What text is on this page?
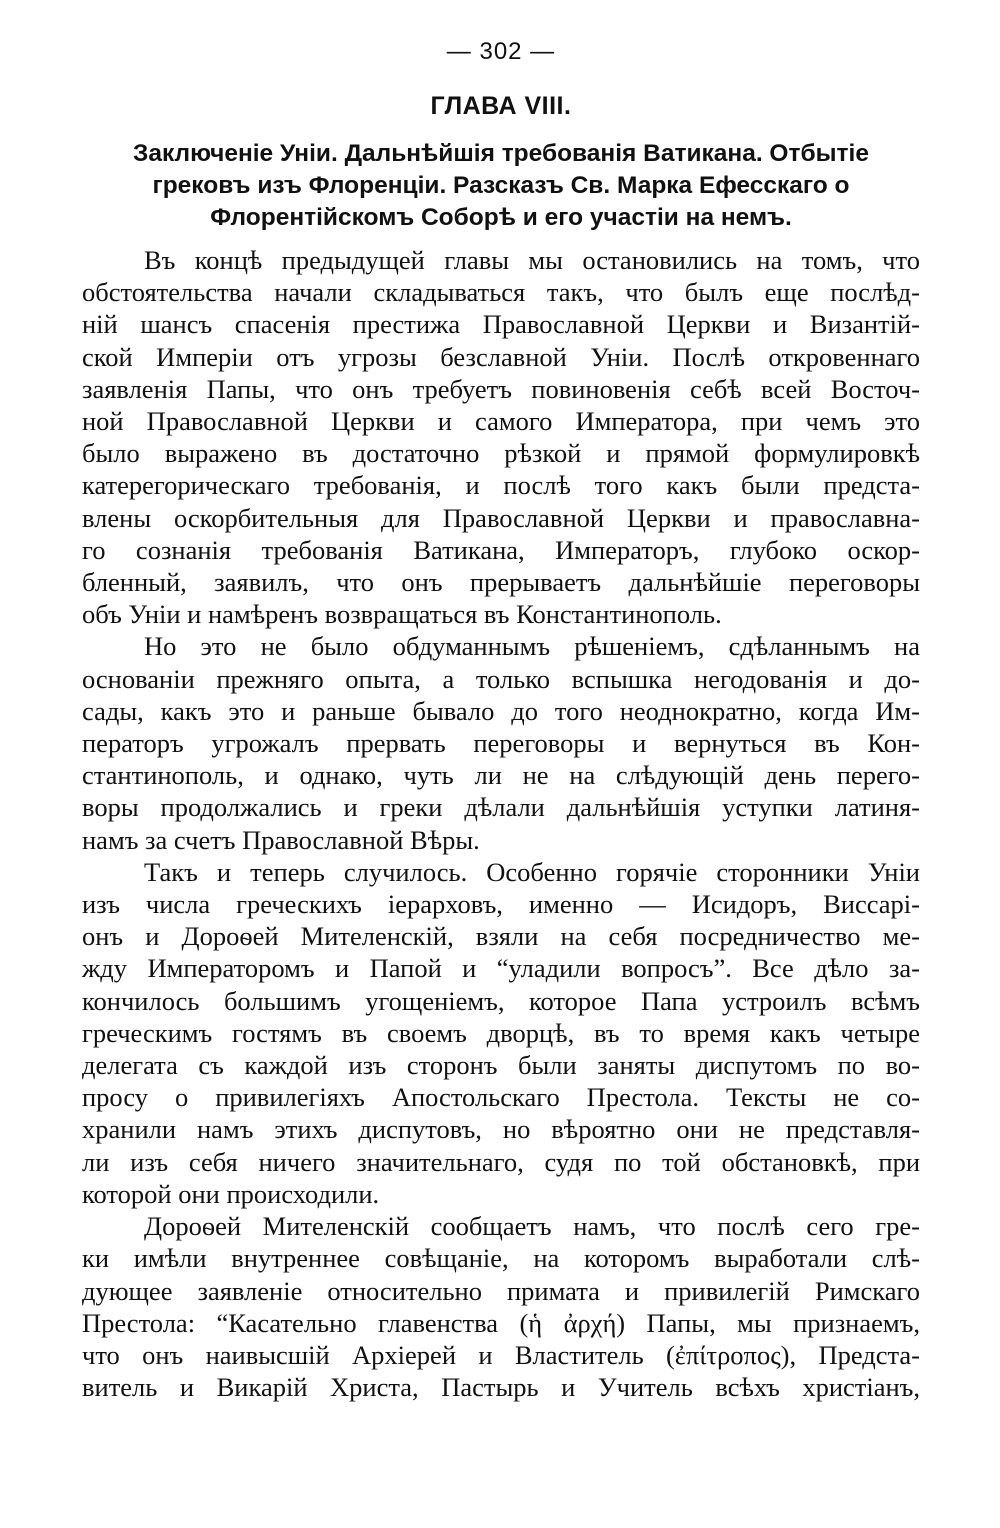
— 302 —
ГЛАВА VIII.
Заключеніе Уніи. Дальнѣйшія требованія Ватикана. Отбытіе
грековъ изъ Флоренціи. Разсказъ Св. Марка Ефесскаго о
Флорентійскомъ Соборѣ и его участіи на немъ.
Въ концѣ предыдущей главы мы остановились на томъ, что
обстоятельства начали складываться такъ, что былъ еще послѣд-
ній шансъ спасенія престижа Православной Церкви и Византій-
ской Имперіи отъ угрозы безславной Уніи. Послѣ откровеннаго
заявленія Папы, что онъ требуетъ повиновенія себѣ всей Восточ-
ной Православной Церкви и самого Императора, при чемъ это
было выражено въ достаточно рѣзкой и прямой формулировкѣ
катерегорическаго требованія, и послѣ того какъ были предста-
влены оскорбительныя для Православной Церкви и православна-
го сознанія требованія Ватикана, Императоръ, глубоко оскор-
бленный, заявилъ, что онъ прерываетъ дальнѣйшіе переговоры
объ Уніи и намѣренъ возвращаться въ Константинополь.
Но это не было обдуманнымъ рѣшеніемъ, сдѣланнымъ на
основаніи прежняго опыта, а только вспышка негодованія и до-
сады, какъ это и раньше бывало до того неоднократно, когда Им-
ператоръ угрожалъ прервать переговоры и вернуться въ Кон-
стантинополь, и однако, чуть ли не на слѣдующій день перего-
воры продолжались и греки дѣлали дальнѣйшія уступки латиня-
намъ за счетъ Православной Вѣры.
Такъ и теперь случилось. Особенно горячіе сторонники Уніи
изъ числа греческихъ іерарховъ, именно — Исидоръ, Виссарі-
онъ и Дороѳей Мителенскій, взяли на себя посредничество ме-
жду Императоромъ и Папой и “уладили вопросъ”. Все дѣло за-
кончилось большимъ угощеніемъ, которое Папа устроилъ всѣмъ
греческимъ гостямъ въ своемъ дворцѣ, въ то время какъ четыре
делегата съ каждой изъ сторонъ были заняты диспутомъ по во-
просу о привилегіяхъ Апостольскаго Престола. Тексты не со-
хранили намъ этихъ диспутовъ, но вѣроятно они не представля-
ли изъ себя ничего значительнаго, судя по той обстановкѣ, при
которой они происходили.
Дороѳей Мителенскій сообщаетъ намъ, что послѣ сего гре-
ки имѣли внутреннее совѣщаніе, на которомъ выработали слѣ-
дующее заявленіе относительно примата и привилегій Римскаго
Престола: “Касательно главенства (ἡ ἀρχή) Папы, мы признаемъ,
что онъ наивысшій Архіерей и Властитель (ἐπίτροπος), Предста-
витель и Викарій Христа, Пастырь и Учитель всѣхъ христіанъ,
